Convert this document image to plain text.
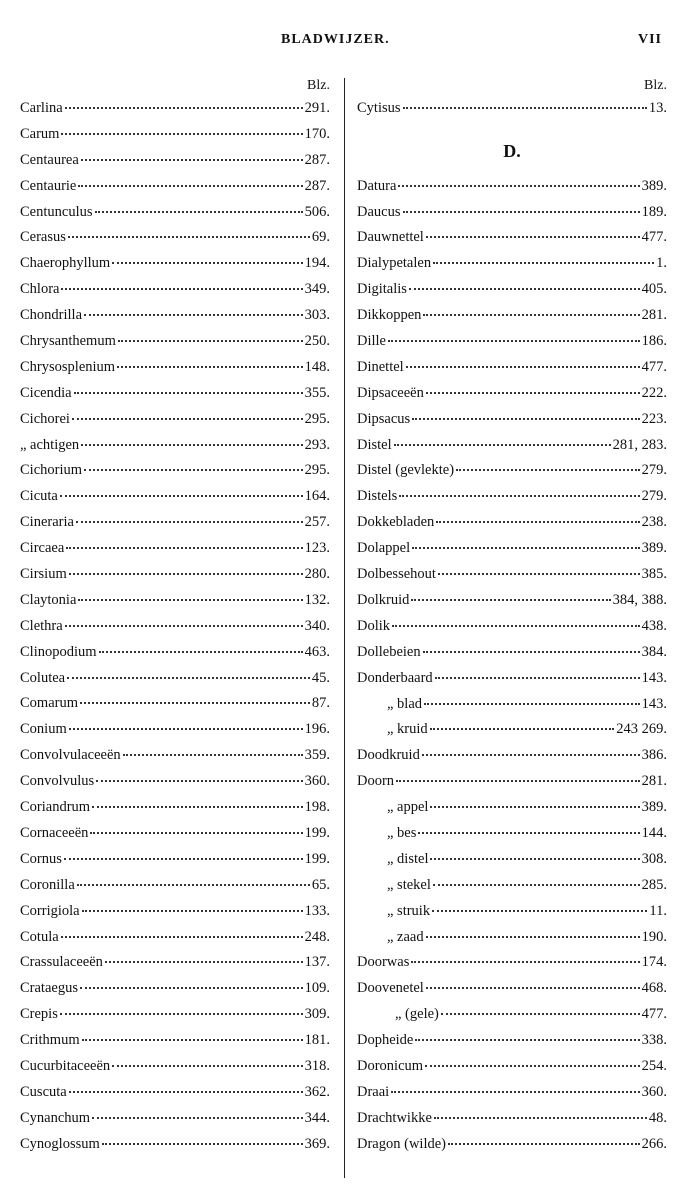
BLADWIJZER.	VII
Blz.
Carlina	291.
Carum	170.
Centaurea	287.
Centaurie	287.
Centunculus	506.
Cerasus	69.
Chaerophyllum	194.
Chlora	349.
Chondrilla	303.
Chrysanthemum	250.
Chrysosplenium	148.
Cicendia	355.
Cichorei	295.
„ achtigen	293.
Cichorium	295.
Cicuta	164.
Cineraria	257.
Circaea	123.
Cirsium	280.
Claytonia	132.
Clethra	340.
Clinopodium	463.
Colutea	45.
Comarum	87.
Conium	196.
Convolvulaceeën	359.
Convolvulus	360.
Coriandrum	198.
Cornaceeën	199.
Cornus	199.
Coronilla	65.
Corrigiola	133.
Cotula	248.
Crassulaceeën	137.
Crataegus	109.
Crepis	309.
Crithmum	181.
Cucurbitaceeën	318.
Cuscuta	362.
Cynanchum	344.
Cynoglossum	369.
Blz.
Cytisus	13.
D.
Datura	389.
Daucus	189.
Dauwnettel	477.
Dialypetalen	1.
Digitalis	405.
Dikkoppen	281.
Dille	186.
Dinettel	477.
Dipsaceeën	222.
Dipsacus	223.
Distel	281, 283.
Distel (gevlekte)	279.
Distels	279.
Dokkebladen	238.
Dolappel	389.
Dolbessehout	385.
Dolkruid	384, 388.
Dolik	438.
Dollebeien	384.
Donderbaard	143.
„ blad	143.
„ kruid	243 269.
Doodkruid	386.
Doorn	281.
„ appel	389.
„ bes	144.
„ distel	308.
„ stekel	285.
„ struik	11.
„ zaad	190.
Doorwas	174.
Doovenetel	468.
„ (gele)	477.
Dopheide	338.
Doronicum	254.
Draai	360.
Drachtwikke	48.
Dragon (wilde)	266.
